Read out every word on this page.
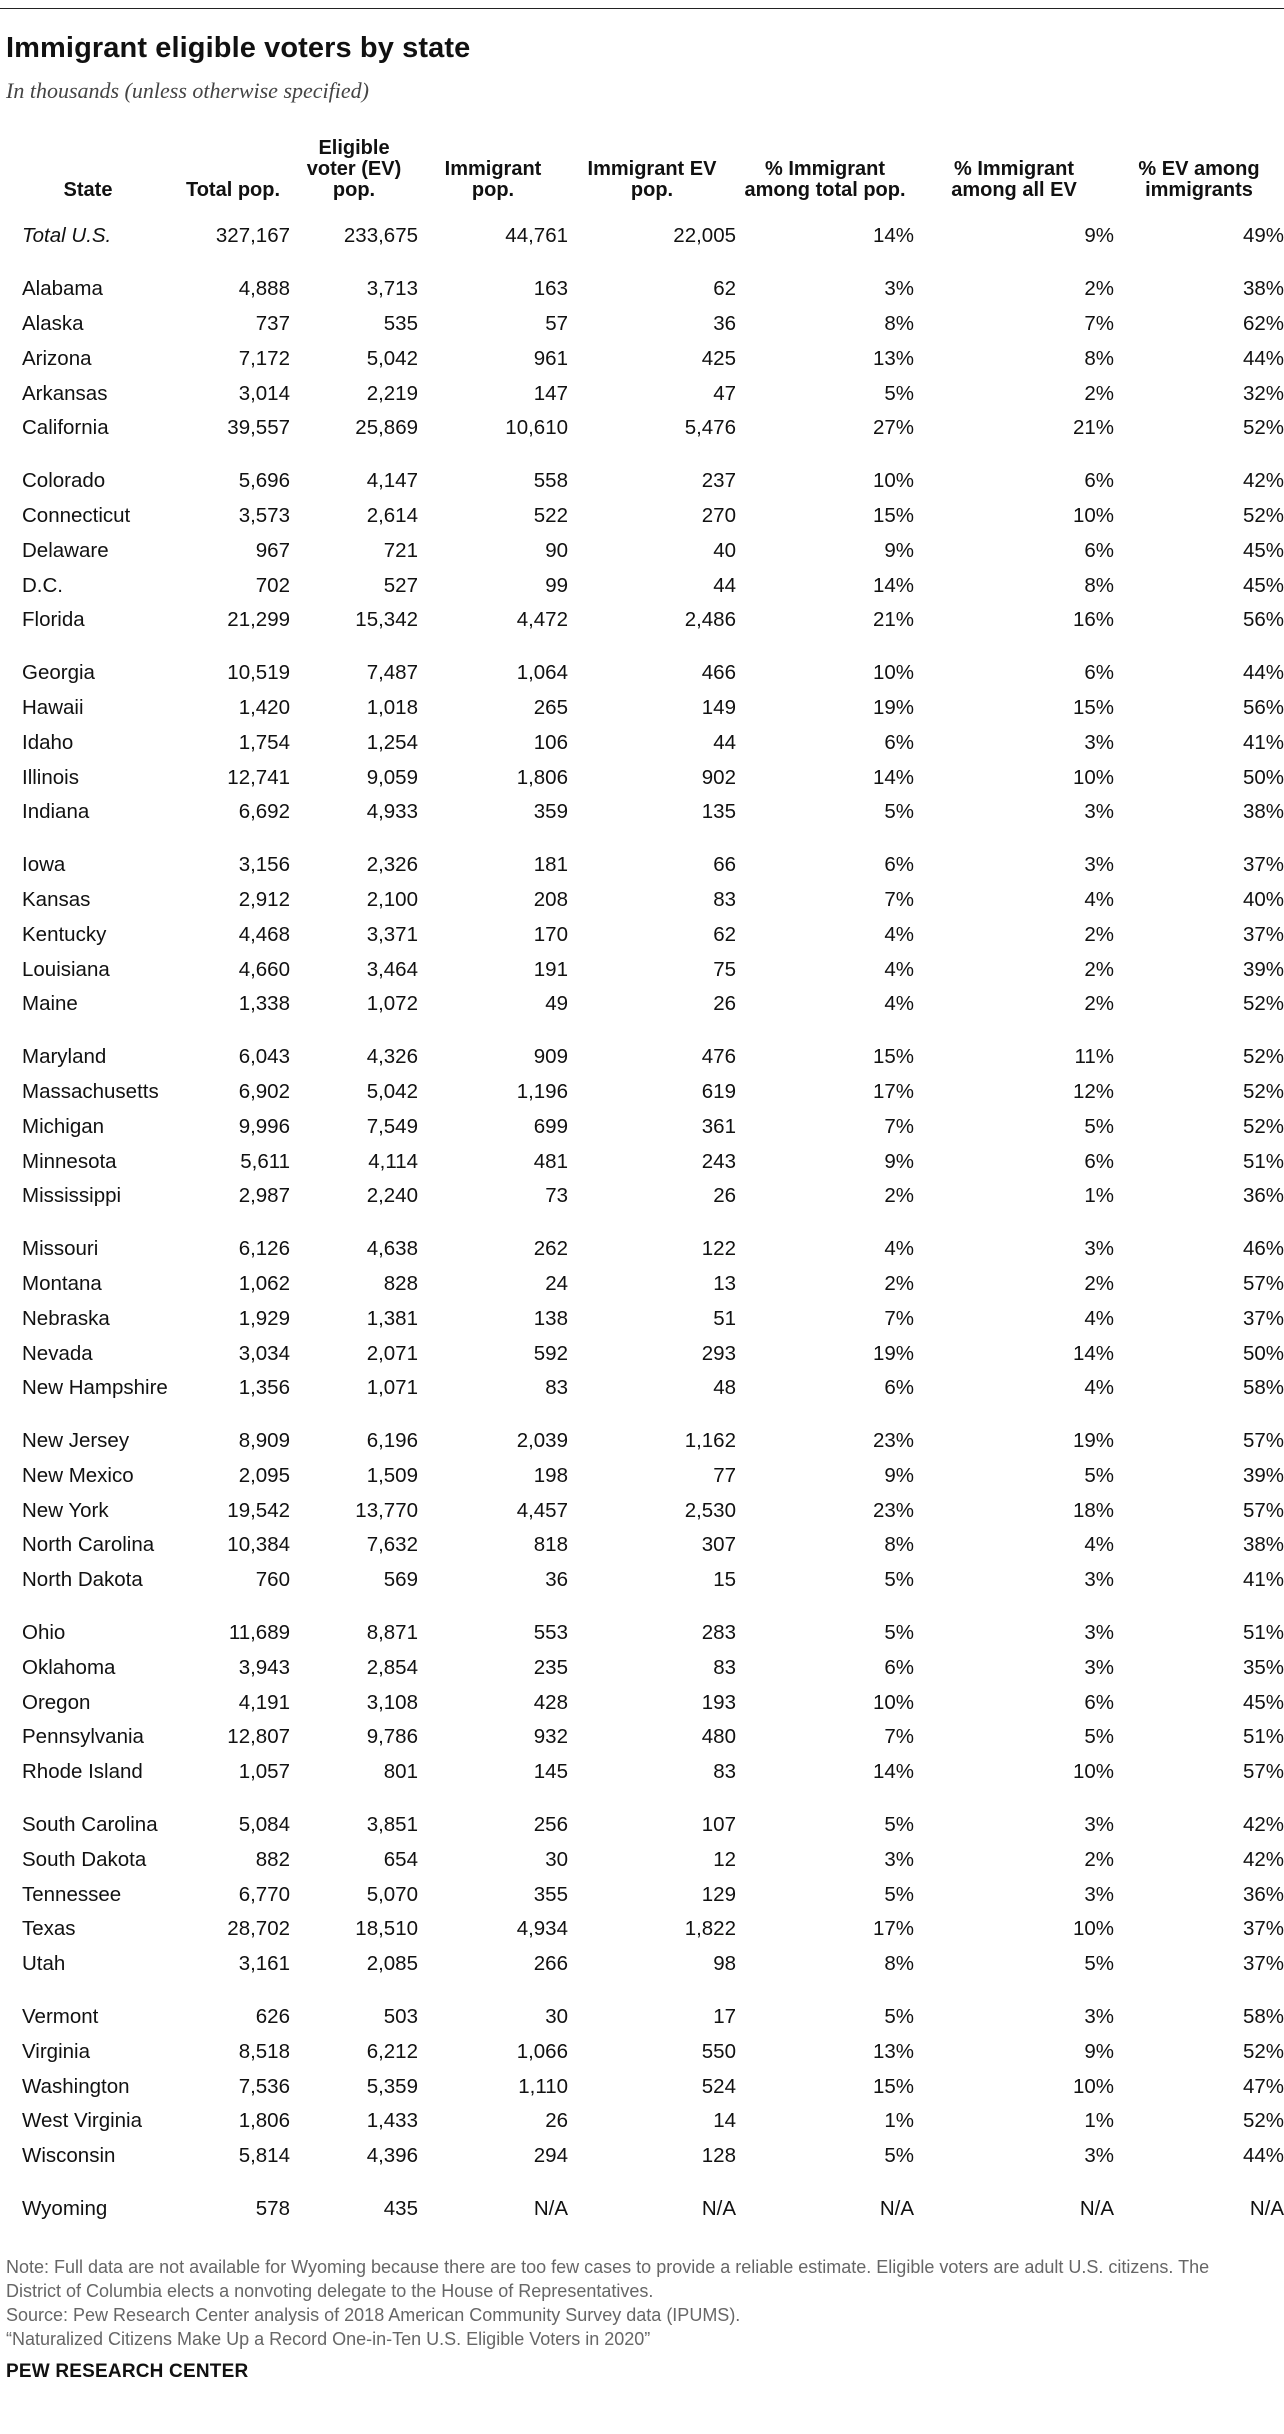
Immigrant eligible voters by state
In thousands (unless otherwise specified)
State	Total pop.	Eligible voter (EV) pop.	Immigrant pop.	Immigrant EV pop.	% Immigrant among total pop.	% Immigrant among all EV	% EV among immigrants
Total U.S.	327,167	233,675	44,761	22,005	14%	9%	49%

Alabama	4,888	3,713	163	62	3%	2%	38%
Alaska	737	535	57	36	8%	7%	62%
Arizona	7,172	5,042	961	425	13%	8%	44%
Arkansas	3,014	2,219	147	47	5%	2%	32%
California	39,557	25,869	10,610	5,476	27%	21%	52%

Colorado	5,696	4,147	558	237	10%	6%	42%
Connecticut	3,573	2,614	522	270	15%	10%	52%
Delaware	967	721	90	40	9%	6%	45%
D.C.	702	527	99	44	14%	8%	45%
Florida	21,299	15,342	4,472	2,486	21%	16%	56%

Georgia	10,519	7,487	1,064	466	10%	6%	44%
Hawaii	1,420	1,018	265	149	19%	15%	56%
Idaho	1,754	1,254	106	44	6%	3%	41%
Illinois	12,741	9,059	1,806	902	14%	10%	50%
Indiana	6,692	4,933	359	135	5%	3%	38%

Iowa	3,156	2,326	181	66	6%	3%	37%
Kansas	2,912	2,100	208	83	7%	4%	40%
Kentucky	4,468	3,371	170	62	4%	2%	37%
Louisiana	4,660	3,464	191	75	4%	2%	39%
Maine	1,338	1,072	49	26	4%	2%	52%

Maryland	6,043	4,326	909	476	15%	11%	52%
Massachusetts	6,902	5,042	1,196	619	17%	12%	52%
Michigan	9,996	7,549	699	361	7%	5%	52%
Minnesota	5,611	4,114	481	243	9%	6%	51%
Mississippi	2,987	2,240	73	26	2%	1%	36%

Missouri	6,126	4,638	262	122	4%	3%	46%
Montana	1,062	828	24	13	2%	2%	57%
Nebraska	1,929	1,381	138	51	7%	4%	37%
Nevada	3,034	2,071	592	293	19%	14%	50%
New Hampshire	1,356	1,071	83	48	6%	4%	58%

New Jersey	8,909	6,196	2,039	1,162	23%	19%	57%
New Mexico	2,095	1,509	198	77	9%	5%	39%
New York	19,542	13,770	4,457	2,530	23%	18%	57%
North Carolina	10,384	7,632	818	307	8%	4%	38%
North Dakota	760	569	36	15	5%	3%	41%

Ohio	11,689	8,871	553	283	5%	3%	51%
Oklahoma	3,943	2,854	235	83	6%	3%	35%
Oregon	4,191	3,108	428	193	10%	6%	45%
Pennsylvania	12,807	9,786	932	480	7%	5%	51%
Rhode Island	1,057	801	145	83	14%	10%	57%

South Carolina	5,084	3,851	256	107	5%	3%	42%
South Dakota	882	654	30	12	3%	2%	42%
Tennessee	6,770	5,070	355	129	5%	3%	36%
Texas	28,702	18,510	4,934	1,822	17%	10%	37%
Utah	3,161	2,085	266	98	8%	5%	37%

Vermont	626	503	30	17	5%	3%	58%
Virginia	8,518	6,212	1,066	550	13%	9%	52%
Washington	7,536	5,359	1,110	524	15%	10%	47%
West Virginia	1,806	1,433	26	14	1%	1%	52%
Wisconsin	5,814	4,396	294	128	5%	3%	44%

Wyoming	578	435	N/A	N/A	N/A	N/A	N/A
Note: Full data are not available for Wyoming because there are too few cases to provide a reliable estimate. Eligible voters are adult U.S. citizens. The District of Columbia elects a nonvoting delegate to the House of Representatives.
Source: Pew Research Center analysis of 2018 American Community Survey data (IPUMS).
“Naturalized Citizens Make Up a Record One-in-Ten U.S. Eligible Voters in 2020”
PEW RESEARCH CENTER
